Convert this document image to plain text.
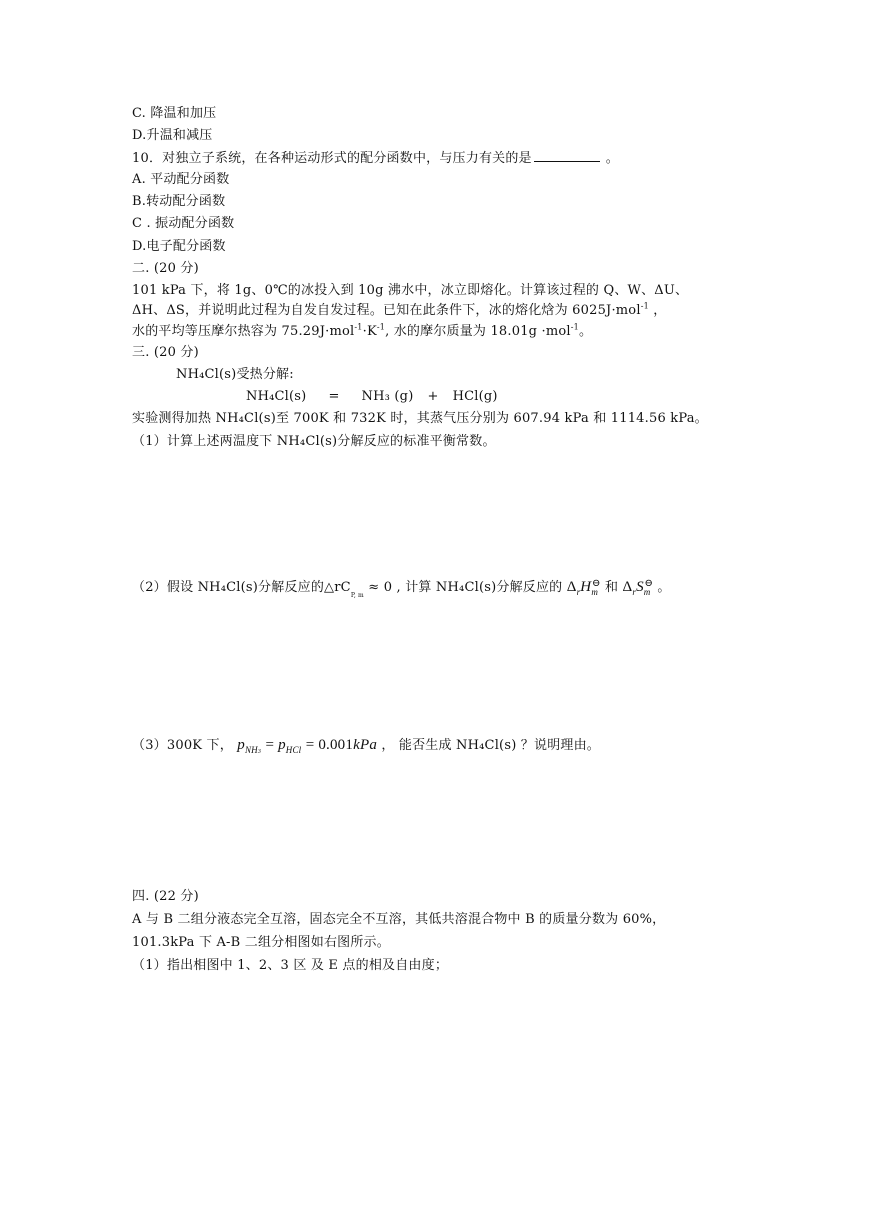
C. 降温和加压
D.升温和减压
10．对独立子系统，在各种运动形式的配分函数中，与压力有关的是	。
A. 平动配分函数
B.转动配分函数
C . 振动配分函数
D.电子配分函数
二. (20 分)
101 kPa 下，将 1g、0℃的冰投入到 10g 沸水中，冰立即熔化。计算该过程的 Q、W、ΔU、
ΔH、ΔS，并说明此过程为自发自发过程。已知在此条件下，冰的熔化焓为 6025J·mol$^{-1}$ ，
水的平均等压摩尔热容为 $75.29J\cdot mol^{-1}\cdot K^{-1}$, 水的摩尔质量为 18.01g ·mol$^{-1}$。
三. (20 分)
NH₄Cl(s)受热分解:
NH₄Cl(s) = NH₃ (g) + HCl(g)
实验测得加热 NH₄Cl(s)至 700K 和 732K 时，其蒸气压分别为 607.94 kPa 和 1114.56 kPa。
（1）计算上述两温度下 NH₄Cl(s)分解反应的标准平衡常数。
（2）假设 NH₄Cl(s)分解反应的$\triangle rC_{P, m} \approx 0$ , 计算 NH₄Cl(s)分解反应的 $\Delta_rH_m^⊖$ 和 $\Delta_rS_m^⊖$ 。
（3）300K 下， $p_{NH3} = p_{HCl} = 0.001kPa$ ， 能否生成 NH₄Cl(s) ？说明理由。
四. (22 分)
A 与 B 二组分液态完全互溶，固态完全不互溶，其低共溶混合物中 B 的质量分数为 60%，
101.3kPa 下 A-B 二组分相图如右图所示。
（1）指出相图中 1、2、3 区 及 E 点的相及自由度；
